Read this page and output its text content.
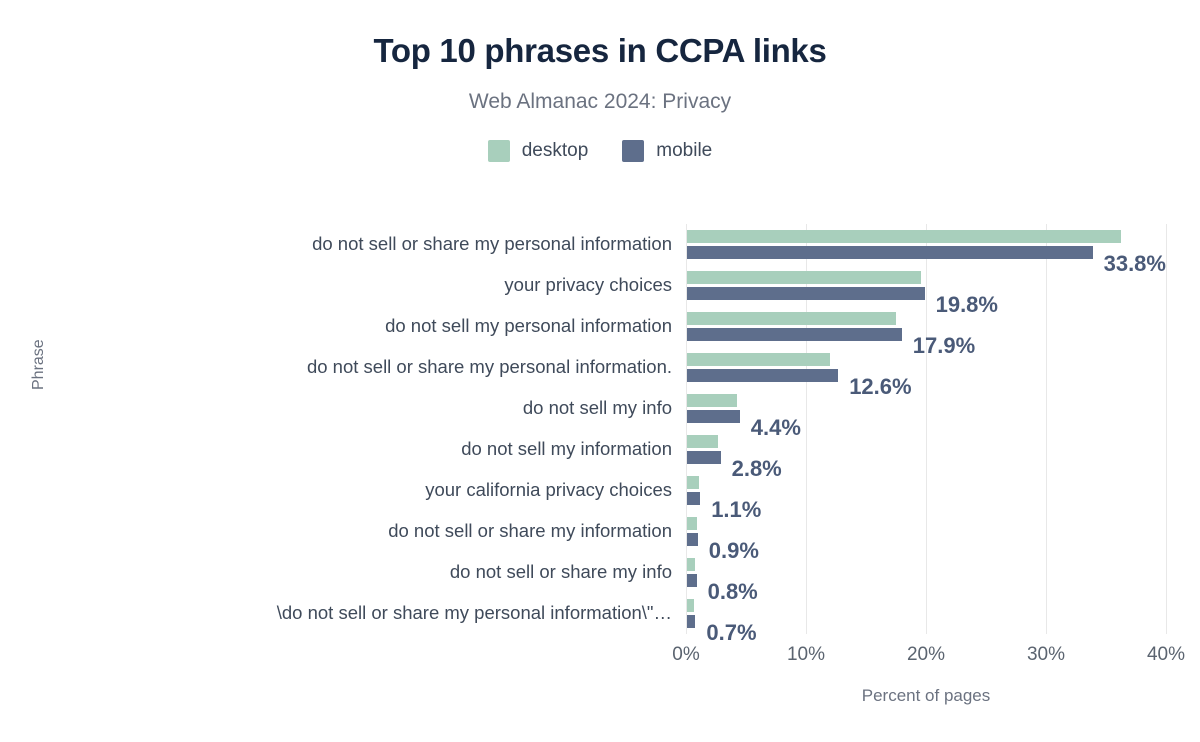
Top 10 phrases in CCPA links
Web Almanac 2024: Privacy
desktop	mobile
Phrase
do not sell or share my personal information
33.8%
your privacy choices
19.8%
do not sell my personal information
17.9%
do not sell or share my personal information.
12.6%
do not sell my info
4.4%
do not sell my information
2.8%
your california privacy choices
1.1%
do not sell or share my information
0.9%
do not sell or share my info
0.8%
\do not sell or share my personal information\"…
0.7%
0%	10%	20%	30%	40%
Percent of pages
